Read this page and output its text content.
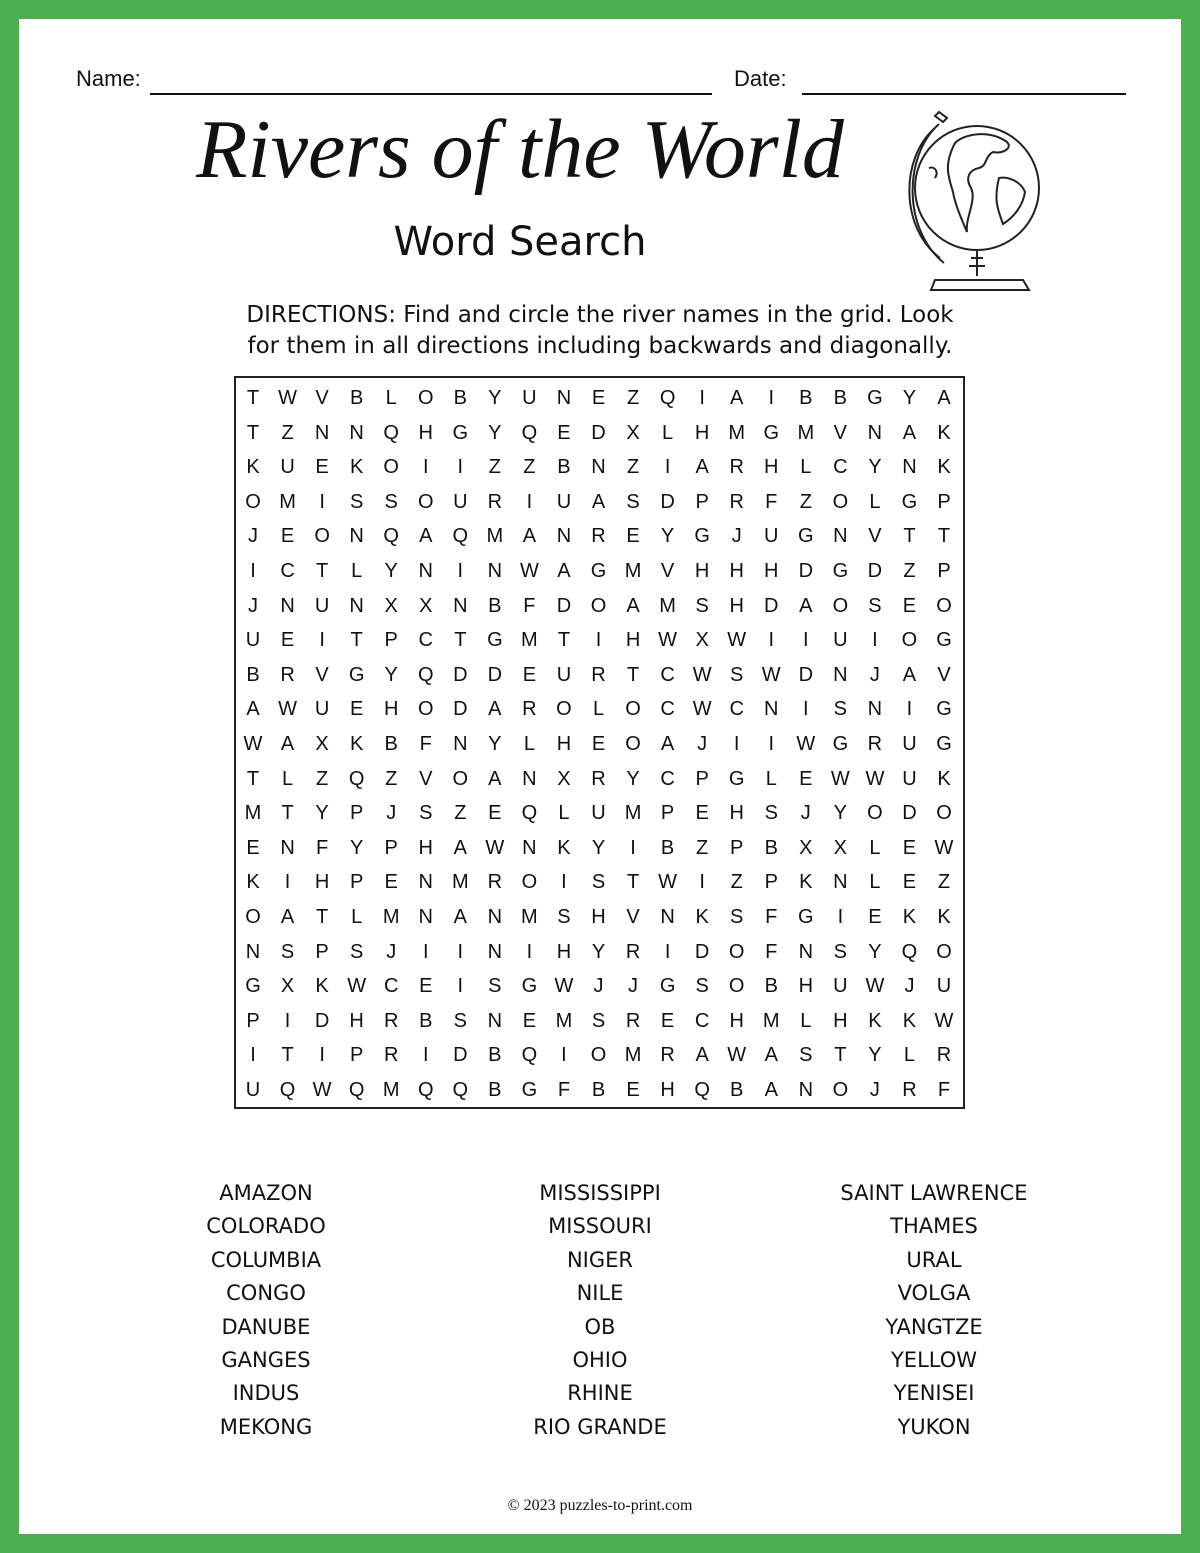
Name:	Date:
Rivers of the World
Word Search
DIRECTIONS: Find and circle the river names in the grid. Look
for them in all directions including backwards and diagonally.
T W V	B	L	O	B	Y	U	N	E	Z	Q	I	A	I	B	B	G	Y	A
T	Z	N	N Q H G	Y	Q	E	D	X	L	H M G M V	N	A	K
K	U	E	K	O	I	I	Z	Z	B	N	Z	I	A	R	H	L	C	Y	N	K
O M	I	S	S	O U	R	I	U	A	S	D	P	R	F	Z	O	L	G	P
J	E	O N Q	A	Q M A	N	R	E	Y	G	J	U G N	V	T	T
I	C	T	L	Y	N	I	N W A	G M V	H	H	H	D G D	Z	P
J	N	U	N	X	X	N	B	F	D O	A M S	H	D	A	O	S	E	O
U	E	I	T	P	C	T	G M	T	I	H W X W	I	I	U	I	O G
B	R	V	G	Y	Q D	D	E	U	R	T	C W S W D	N	J	A	V
A W U	E	H O D	A	R O	L	O C W C	N	I	S	N	I	G
W A	X	K	B	F	N	Y	L	H	E	O	A	J	I	I	W G R	U G
T	L	Z	Q	Z	V	O	A	N	X	R	Y	C	P	G	L	E W W U	K
M	T	Y	P	J	S	Z	E	Q	L	U M P	E	H	S	J	Y	O D O
E	N	F	Y	P	H	A W N	K	Y	I	B	Z	P	B	X	X	L	E W
K	I	H	P	E	N M R O	I	S	T W	I	Z	P	K	N	L	E	Z
O	A	T	L	M N	A	N M S	H	V	N	K	S	F	G	I	E	K	K
N	S	P	S	J	I	I	N	I	H	Y	R	I	D O	F	N	S	Y	Q O
G	X	K W C	E	I	S	G W	J	J	G	S	O	B	H	U W	J	U
P	I	D	H	R	B	S	N	E M S	R	E	C	H M	L	H	K	K W
I	T	I	P	R	I	D	B	Q	I	O M R	A W A	S	T	Y	L	R
U Q W Q M Q Q	B	G	F	B	E	H Q	B	A	N O	J	R	F
AMAZON
COLORADO
COLUMBIA
CONGO
DANUBE
GANGES
INDUS
MEKONG
MISSISSIPPI
MISSOURI
NIGER
NILE
OB
OHIO
RHINE
RIO GRANDE
SAINT LAWRENCE
THAMES
URAL
VOLGA
YANGTZE
YELLOW
YENISEI
YUKON
© 2023 puzzles-to-print.com
